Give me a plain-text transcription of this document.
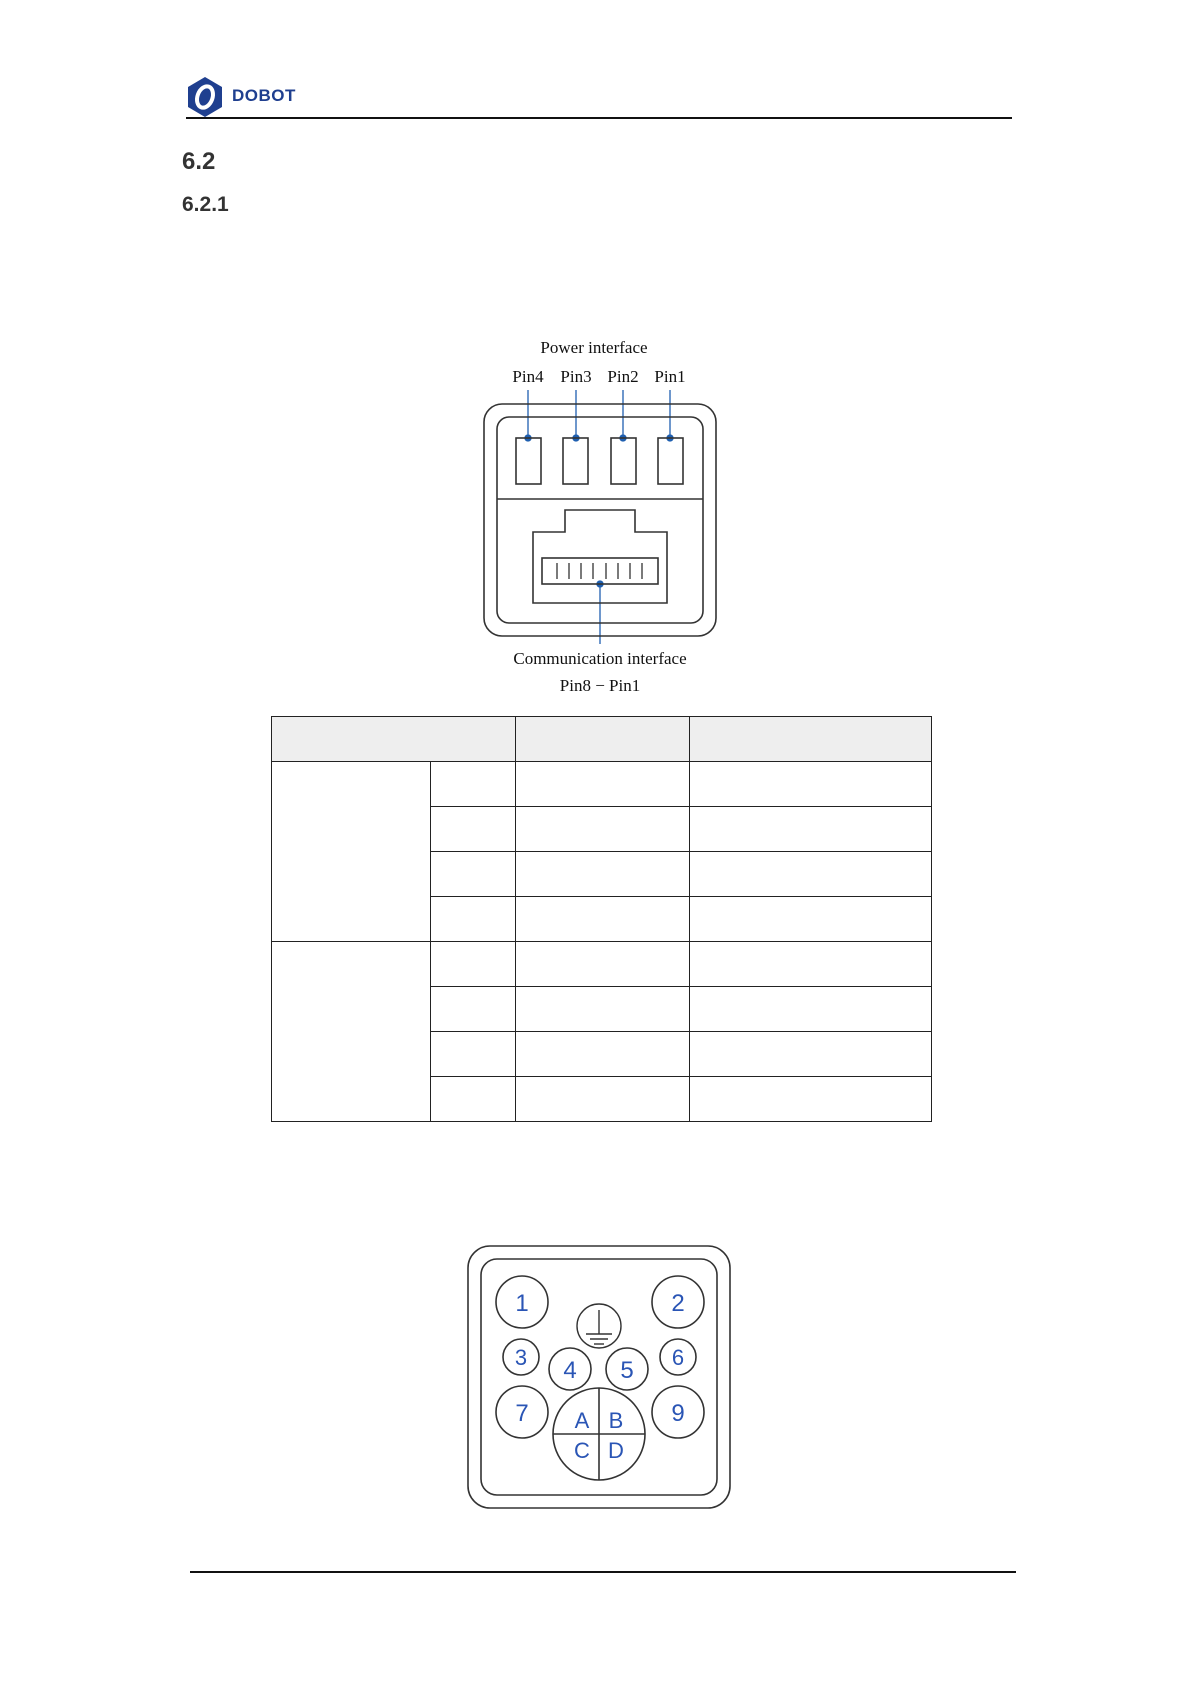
DOBOT
6.2
6.2.1
Power interface
Pin4 Pin3 Pin2 Pin1
Communication interface
Pin8 − Pin1

1	2
3	6
4 5
7	9
A B
C D
